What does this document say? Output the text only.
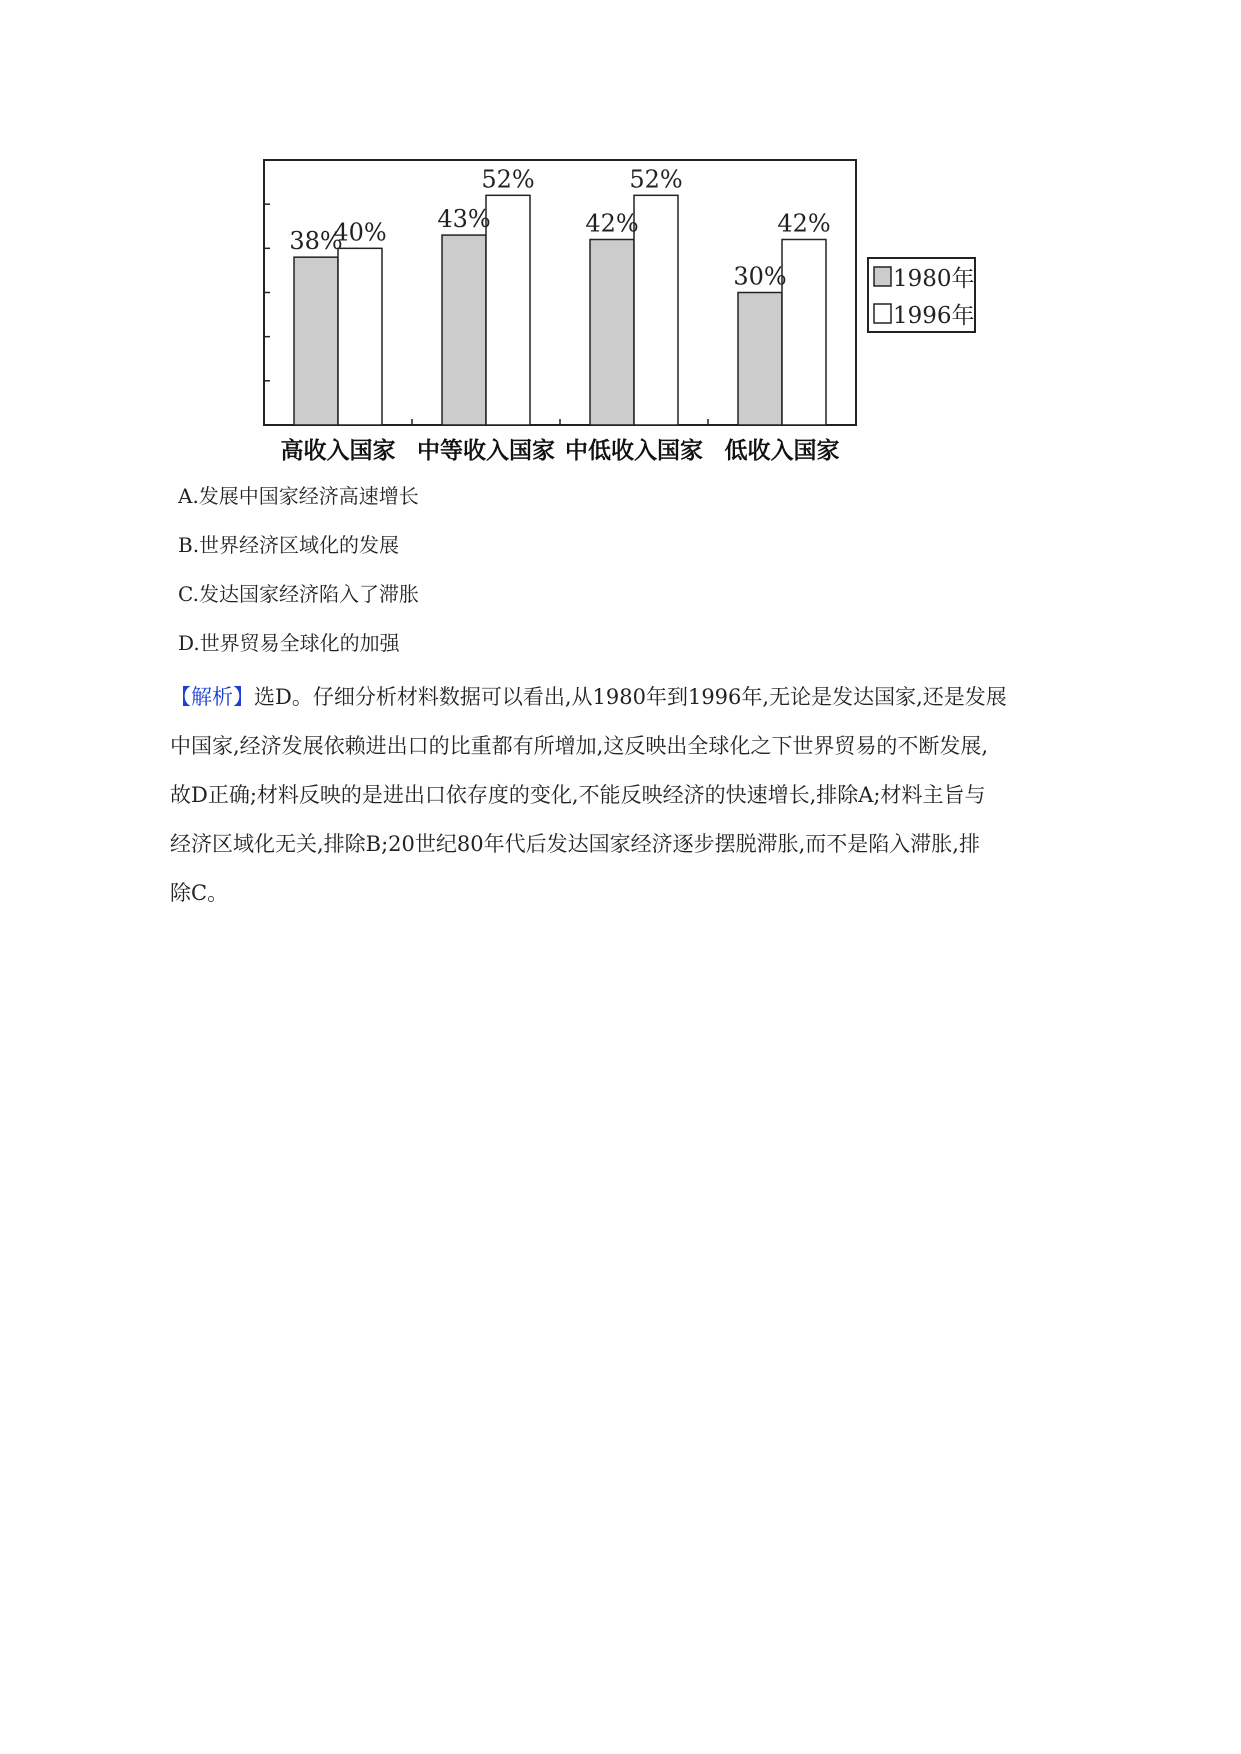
38%
40% 43%
52%
42%
52%
30%
42%
高收入国家 中等收入国家 中低收入国家 低收入国家
1980年
1996年
A.发展中国家经济高速增长
B.世界经济区域化的发展
C.发达国家经济陷入了滞胀
D.世界贸易全球化的加强

【解析】选D。仔细分析材料数据可以看出,从1980年到1996年,无论是发达国家,还是发展

中国家,经济发展依赖进出口的比重都有所增加,这反映出全球化之下世界贸易的不断发展,

故D正确;材料反映的是进出口依存度的变化,不能反映经济的快速增长,排除A;材料主旨与

经济区域化无关,排除B;20世纪80年代后发达国家经济逐步摆脱滞胀,而不是陷入滞胀,排

除C。
